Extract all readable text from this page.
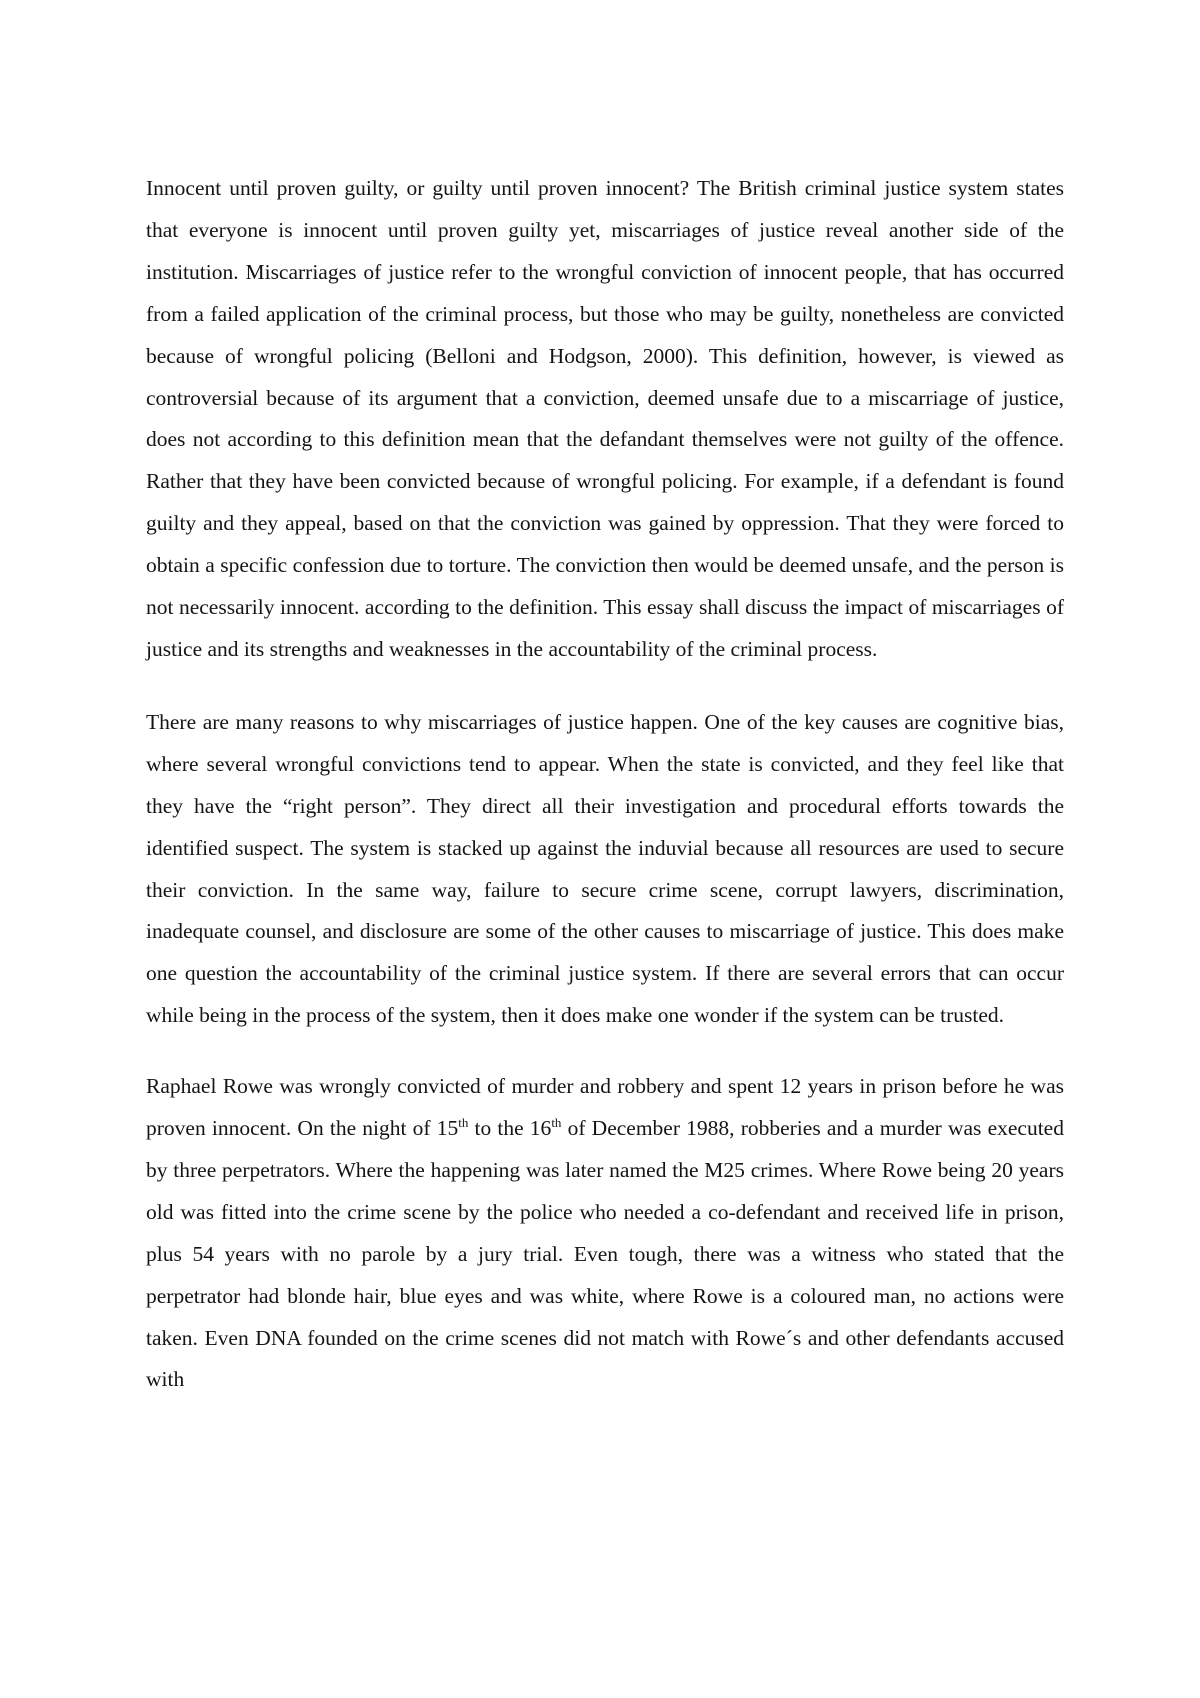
Innocent until proven guilty, or guilty until proven innocent? The British criminal justice system states that everyone is innocent until proven guilty yet, miscarriages of justice reveal another side of the institution. Miscarriages of justice refer to the wrongful conviction of innocent people, that has occurred from a failed application of the criminal process, but those who may be guilty, nonetheless are convicted because of wrongful policing (Belloni and Hodgson, 2000). This definition, however, is viewed as controversial because of its argument that a conviction, deemed unsafe due to a miscarriage of justice, does not according to this definition mean that the defandant themselves were not guilty of the offence. Rather that they have been convicted because of wrongful policing. For example, if a defendant is found guilty and they appeal, based on that the conviction was gained by oppression. That they were forced to obtain a specific confession due to torture. The conviction then would be deemed unsafe, and the person is not necessarily innocent. according to the definition. This essay shall discuss the impact of miscarriages of justice and its strengths and weaknesses in the accountability of the criminal process.

There are many reasons to why miscarriages of justice happen. One of the key causes are cognitive bias, where several wrongful convictions tend to appear. When the state is convicted, and they feel like that they have the “right person”. They direct all their investigation and procedural efforts towards the identified suspect. The system is stacked up against the induvial because all resources are used to secure their conviction. In the same way, failure to secure crime scene, corrupt lawyers, discrimination, inadequate counsel, and disclosure are some of the other causes to miscarriage of justice. This does make one question the accountability of the criminal justice system. If there are several errors that can occur while being in the process of the system, then it does make one wonder if the system can be trusted.

Raphael Rowe was wrongly convicted of murder and robbery and spent 12 years in prison before he was proven innocent. On the night of 15th to the 16th of December 1988, robberies and a murder was executed by three perpetrators. Where the happening was later named the M25 crimes. Where Rowe being 20 years old was fitted into the crime scene by the police who needed a co-defendant and received life in prison, plus 54 years with no parole by a jury trial. Even tough, there was a witness who stated that the perpetrator had blonde hair, blue eyes and was white, where Rowe is a coloured man, no actions were taken. Even DNA founded on the crime scenes did not match with Rowe´s and other defendants accused with
